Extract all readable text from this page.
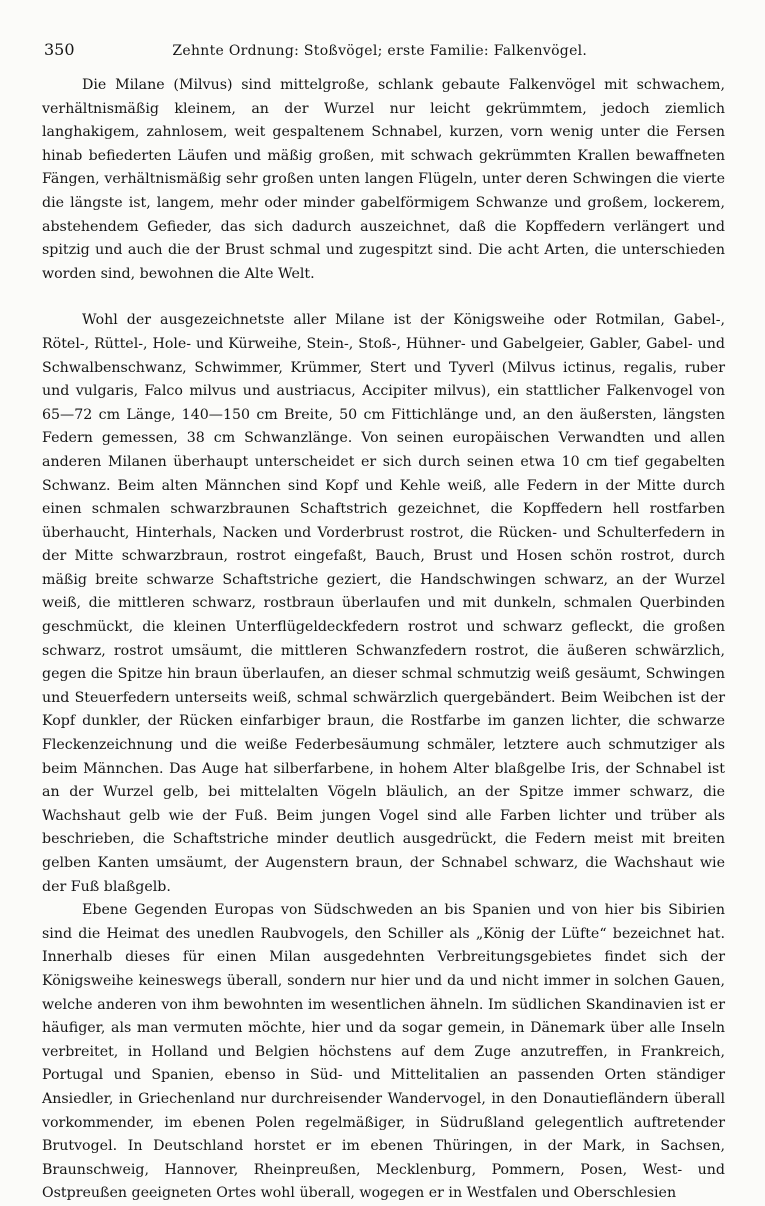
350	Zehnte Ordnung: Stoßvögel; erste Familie: Falkenvögel.

Die Milane (Milvus) sind mittelgroße, schlank gebaute Falkenvögel mit schwachem, verhältnismäßig kleinem, an der Wurzel nur leicht gekrümmtem, jedoch ziemlich langhakigem, zahnlosem, weit gespaltenem Schnabel, kurzen, vorn wenig unter die Fersen hinab befiederten Läufen und mäßig großen, mit schwach gekrümmten Krallen bewaffneten Fängen, verhältnismäßig sehr großen unten langen Flügeln, unter deren Schwingen die vierte die längste ist, langem, mehr oder minder gabelförmigem Schwanze und großem, lockerem, abstehendem Gefieder, das sich dadurch auszeichnet, daß die Kopffedern verlängert und spitzig und auch die der Brust schmal und zugespitzt sind. Die acht Arten, die unterschieden worden sind, bewohnen die Alte Welt.

Wohl der ausgezeichnetste aller Milane ist der Königsweihe oder Rotmilan, Gabel-, Rötel-, Rüttel-, Hole- und Kürweihe, Stein-, Stoß-, Hühner- und Gabelgeier, Gabler, Gabel- und Schwalbenschwanz, Schwimmer, Krümmer, Stert und Tyverl (Milvus ictinus, regalis, ruber und vulgaris, Falco milvus und austriacus, Accipiter milvus), ein stattlicher Falkenvogel von 65—72 cm Länge, 140—150 cm Breite, 50 cm Fittichlänge und, an den äußersten, längsten Federn gemessen, 38 cm Schwanzlänge. Von seinen europäischen Verwandten und allen anderen Milanen überhaupt unterscheidet er sich durch seinen etwa 10 cm tief gegabelten Schwanz. Beim alten Männchen sind Kopf und Kehle weiß, alle Federn in der Mitte durch einen schmalen schwarzbraunen Schaftstrich gezeichnet, die Kopffedern hell rostfarben überhaucht, Hinterhals, Nacken und Vorderbrust rostrot, die Rücken- und Schulterfedern in der Mitte schwarzbraun, rostrot eingefaßt, Bauch, Brust und Hosen schön rostrot, durch mäßig breite schwarze Schaftstriche geziert, die Handschwingen schwarz, an der Wurzel weiß, die mittleren schwarz, rostbraun überlaufen und mit dunkeln, schmalen Querbinden geschmückt, die kleinen Unterflügeldeckfedern rostrot und schwarz gefleckt, die großen schwarz, rostrot umsäumt, die mittleren Schwanzfedern rostrot, die äußeren schwärzlich, gegen die Spitze hin braun überlaufen, an dieser schmal schmutzig weiß gesäumt, Schwingen und Steuerfedern unterseits weiß, schmal schwärzlich quergebändert. Beim Weibchen ist der Kopf dunkler, der Rücken einfarbiger braun, die Rostfarbe im ganzen lichter, die schwarze Fleckenzeichnung und die weiße Federbesäumung schmäler, letztere auch schmutziger als beim Männchen. Das Auge hat silberfarbene, in hohem Alter blaßgelbe Iris, der Schnabel ist an der Wurzel gelb, bei mittelalten Vögeln bläulich, an der Spitze immer schwarz, die Wachshaut gelb wie der Fuß. Beim jungen Vogel sind alle Farben lichter und trüber als beschrieben, die Schaftstriche minder deutlich ausgedrückt, die Federn meist mit breiten gelben Kanten umsäumt, der Augenstern braun, der Schnabel schwarz, die Wachshaut wie der Fuß blaßgelb.

Ebene Gegenden Europas von Südschweden an bis Spanien und von hier bis Sibirien sind die Heimat des unedlen Raubvogels, den Schiller als „König der Lüfte“ bezeichnet hat. Innerhalb dieses für einen Milan ausgedehnten Verbreitungsgebietes findet sich der Königsweihe keineswegs überall, sondern nur hier und da und nicht immer in solchen Gauen, welche anderen von ihm bewohnten im wesentlichen ähneln. Im südlichen Skandinavien ist er häufiger, als man vermuten möchte, hier und da sogar gemein, in Dänemark über alle Inseln verbreitet, in Holland und Belgien höchstens auf dem Zuge anzutreffen, in Frankreich, Portugal und Spanien, ebenso in Süd- und Mittelitalien an passenden Orten ständiger Ansiedler, in Griechenland nur durchreisender Wandervogel, in den Donautiefländern überall vorkommender, im ebenen Polen regelmäßiger, in Südrußland gelegentlich auftretender Brutvogel. In Deutschland horstet er im ebenen Thüringen, in der Mark, in Sachsen, Braunschweig, Hannover, Rheinpreußen, Mecklenburg, Pommern, Posen, West- und Ostpreußen geeigneten Ortes wohl überall, wogegen er in Westfalen und Oberschlesien
